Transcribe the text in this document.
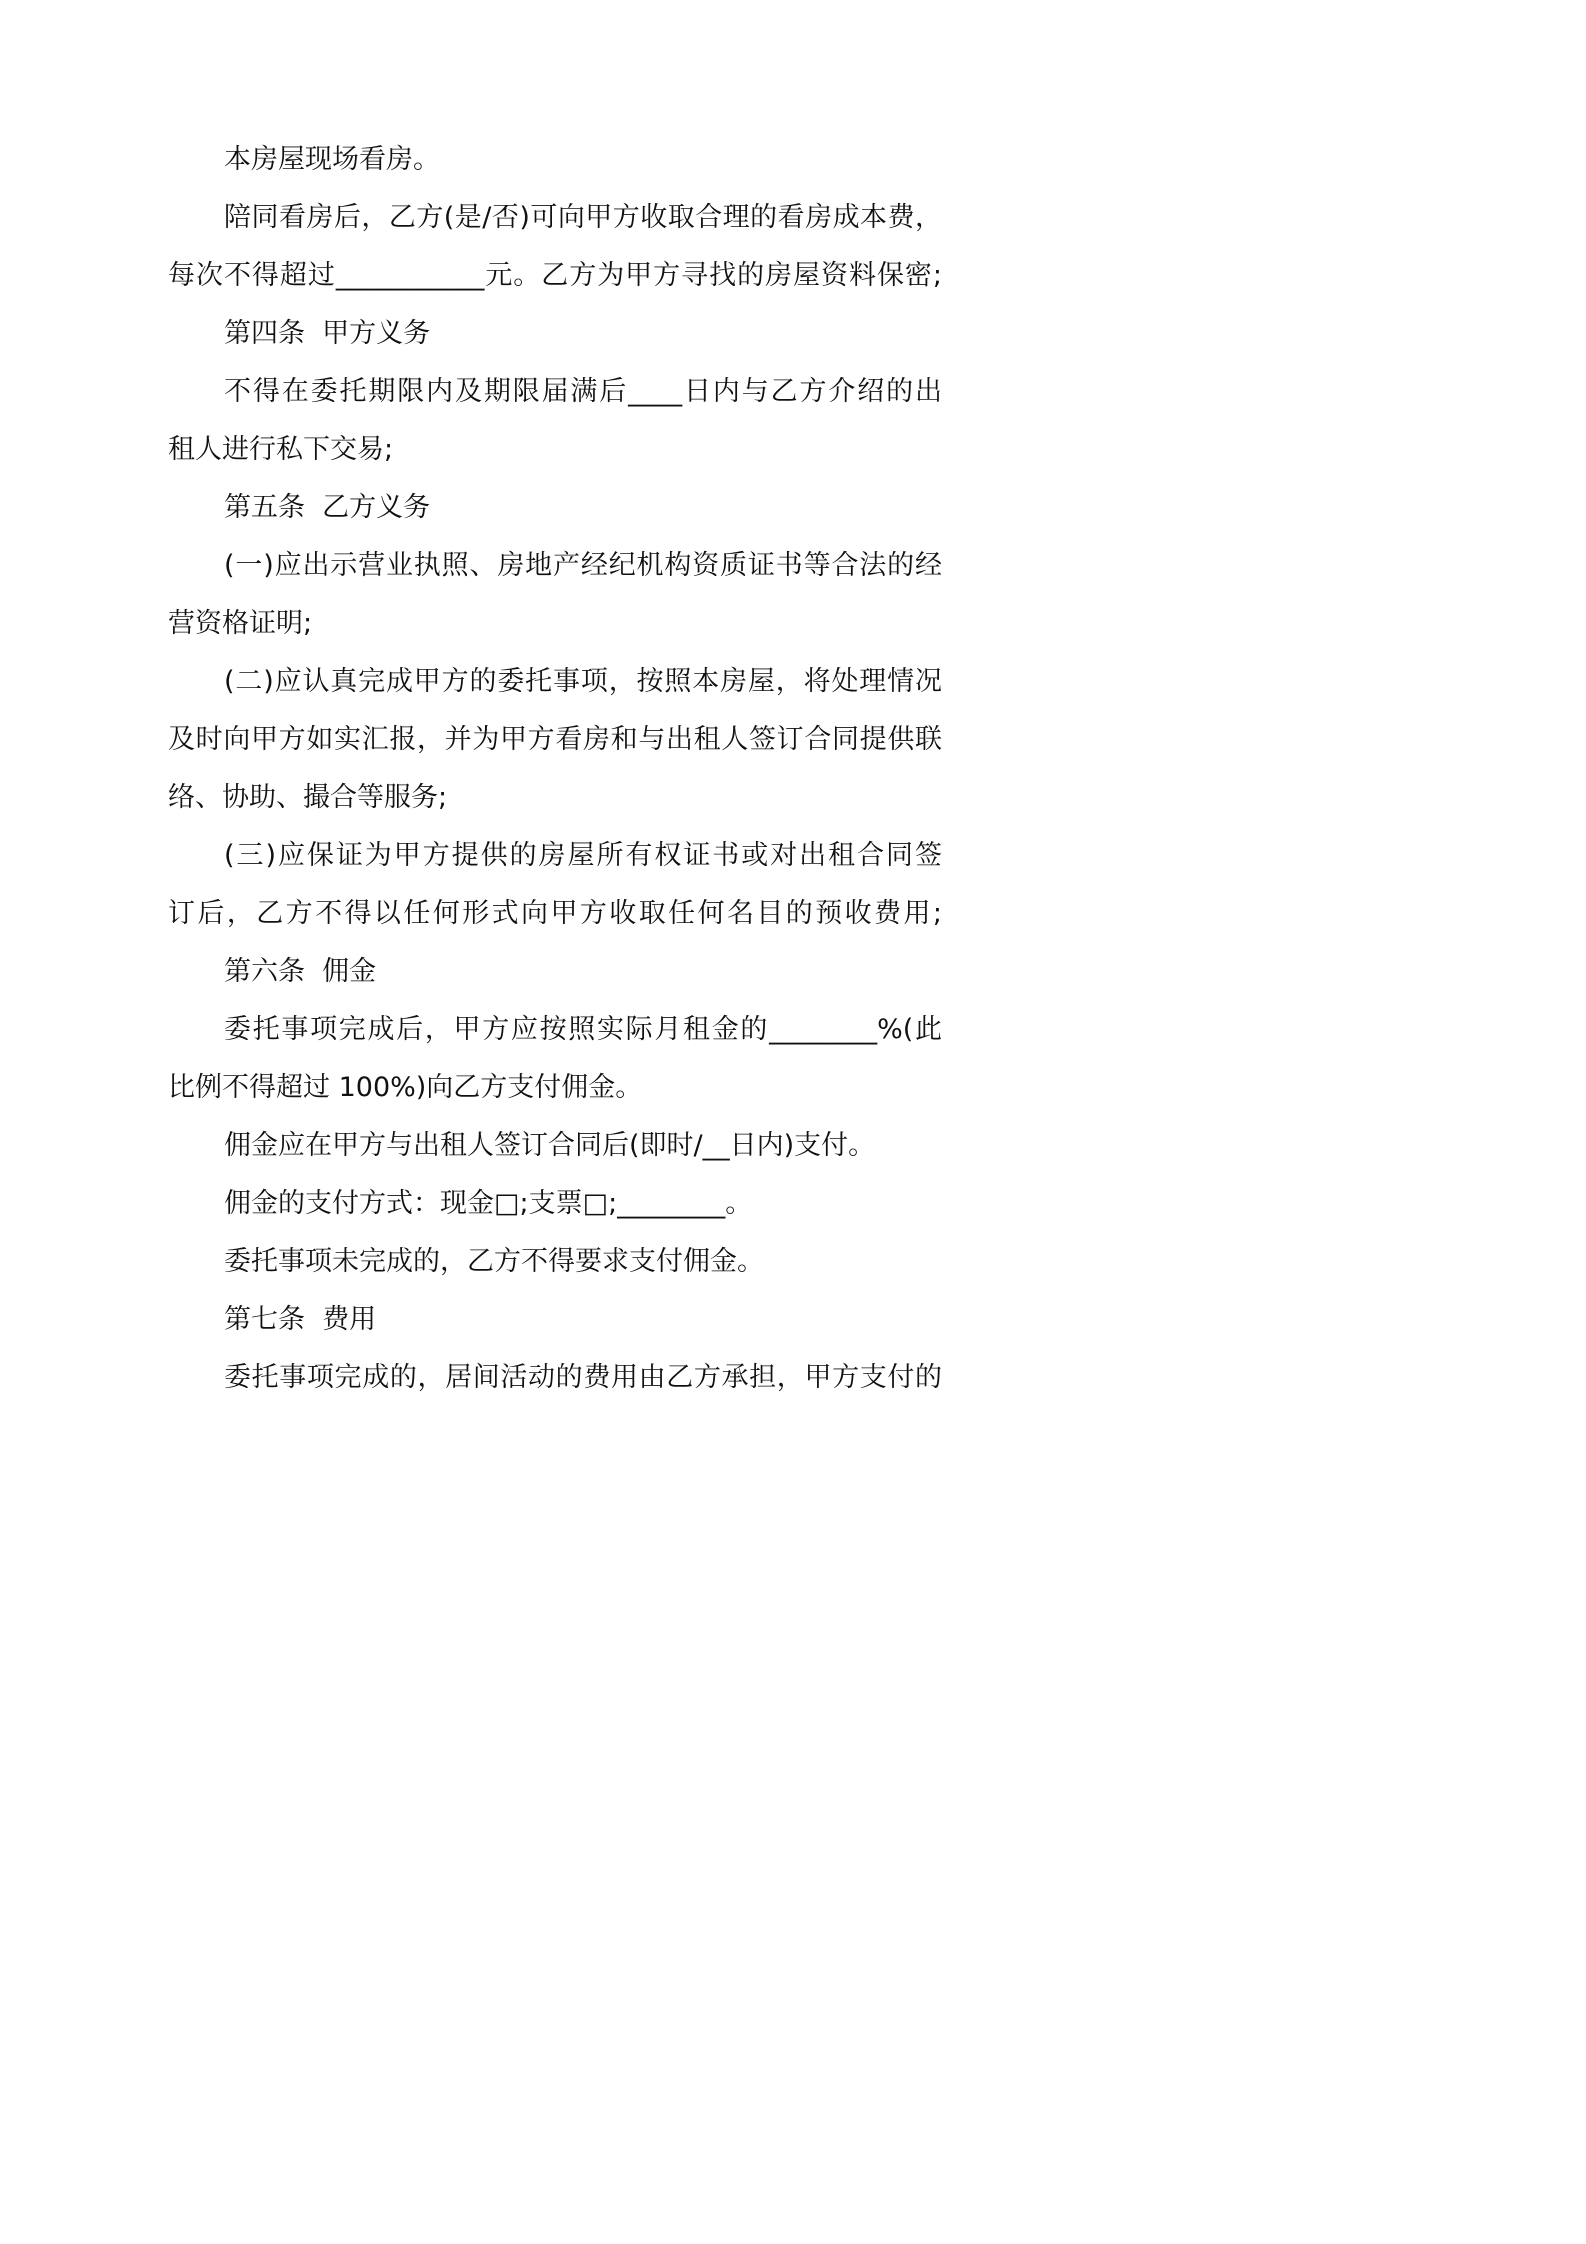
本房屋现场看房。
陪同看房后，乙方(是/否)可向甲方收取合理的看房成本费，
每次不得超过___________元。乙方为甲方寻找的房屋资料保密;
第四条  甲方义务
不得在委托期限内及期限届满后____日内与乙方介绍的出
租人进行私下交易;
第五条  乙方义务
(一)应出示营业执照、房地产经纪机构资质证书等合法的经
营资格证明;
(二)应认真完成甲方的委托事项，按照本房屋，将处理情况
及时向甲方如实汇报，并为甲方看房和与出租人签订合同提供联
络、协助、撮合等服务;
(三)应保证为甲方提供的房屋所有权证书或对出租合同签
订后，乙方不得以任何形式向甲方收取任何名目的预收费用;
第六条  佣金
委托事项完成后，甲方应按照实际月租金的________%(此
比例不得超过 100%)向乙方支付佣金。
佣金应在甲方与出租人签订合同后(即时/__日内)支付。
佣金的支付方式：现金□;支票□;________。
委托事项未完成的，乙方不得要求支付佣金。
第七条  费用
委托事项完成的，居间活动的费用由乙方承担，甲方支付的
